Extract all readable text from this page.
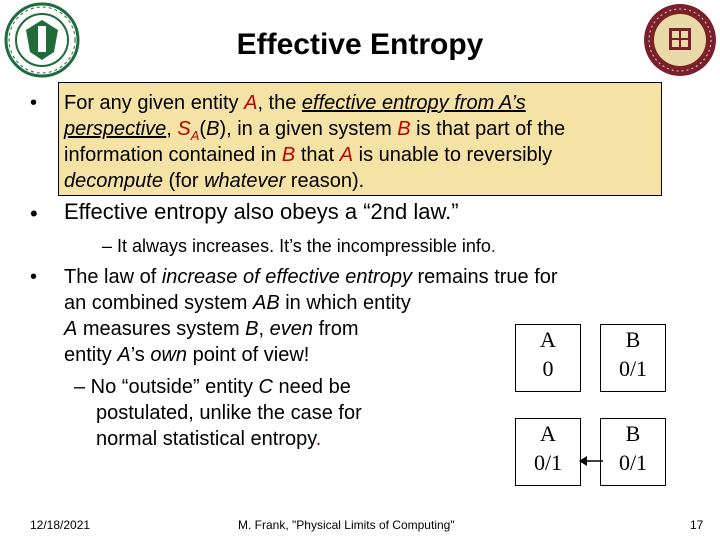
Effective Entropy
• For any given entity A, the effective entropy from A’s
perspective, $S_A(B)$, in a given system B is that part of the
information contained in B that A is unable to reversibly
decompute (for whatever reason).
• Effective entropy also obeys a “2nd law.”
– It always increases. It’s the incompressible info.
• The law of increase of effective entropy remains true for
an combined system AB in which entity
A measures system B, even from
entity A’s own point of view!
– No “outside” entity C need be
postulated, unlike the case for
normal statistical entropy.
A
0
B
0/1
A
0/1
B
0/1
12/18/2021	M. Frank, "Physical Limits of Computing"	17
